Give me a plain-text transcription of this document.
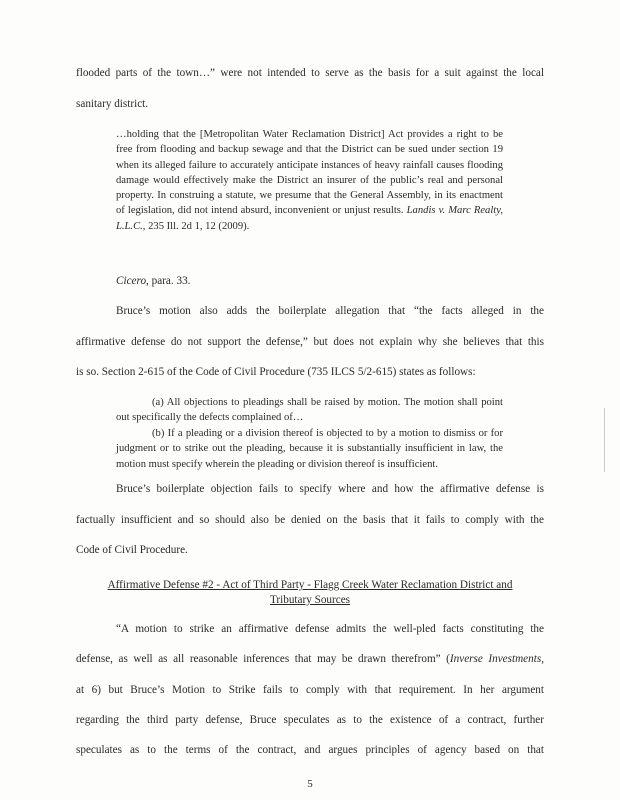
flooded parts of the town…” were not intended to serve as the basis for a suit against the local
sanitary district.
…holding that the [Metropolitan Water Reclamation District] Act provides a right to be free from flooding and backup sewage and that the District can be sued under section 19 when its alleged failure to accurately anticipate instances of heavy rainfall causes flooding damage would effectively make the District an insurer of the public’s real and personal property. In construing a statute, we presume that the General Assembly, in its enactment of legislation, did not intend absurd, inconvenient or unjust results. Landis v. Marc Realty, L.L.C., 235 Ill. 2d 1, 12 (2009).
Cicero, para. 33.
Bruce’s motion also adds the boilerplate allegation that “the facts alleged in the
affirmative defense do not support the defense,” but does not explain why she believes that this
is so. Section 2-615 of the Code of Civil Procedure (735 ILCS 5/2-615) states as follows:
(a) All objections to pleadings shall be raised by motion. The motion shall point out specifically the defects complained of…
(b) If a pleading or a division thereof is objected to by a motion to dismiss or for judgment or to strike out the pleading, because it is substantially insufficient in law, the motion must specify wherein the pleading or division thereof is insufficient.
Bruce’s boilerplate objection fails to specify where and how the affirmative defense is
factually insufficient and so should also be denied on the basis that it fails to comply with the
Code of Civil Procedure.
Affirmative Defense #2 - Act of Third Party - Flagg Creek Water Reclamation District and
Tributary Sources
“A motion to strike an affirmative defense admits the well-pled facts constituting the
defense, as well as all reasonable inferences that may be drawn therefrom” (Inverse Investments,
at 6) but Bruce’s Motion to Strike fails to comply with that requirement. In her argument
regarding the third party defense, Bruce speculates as to the existence of a contract, further
speculates as to the terms of the contract, and argues principles of agency based on that
5
